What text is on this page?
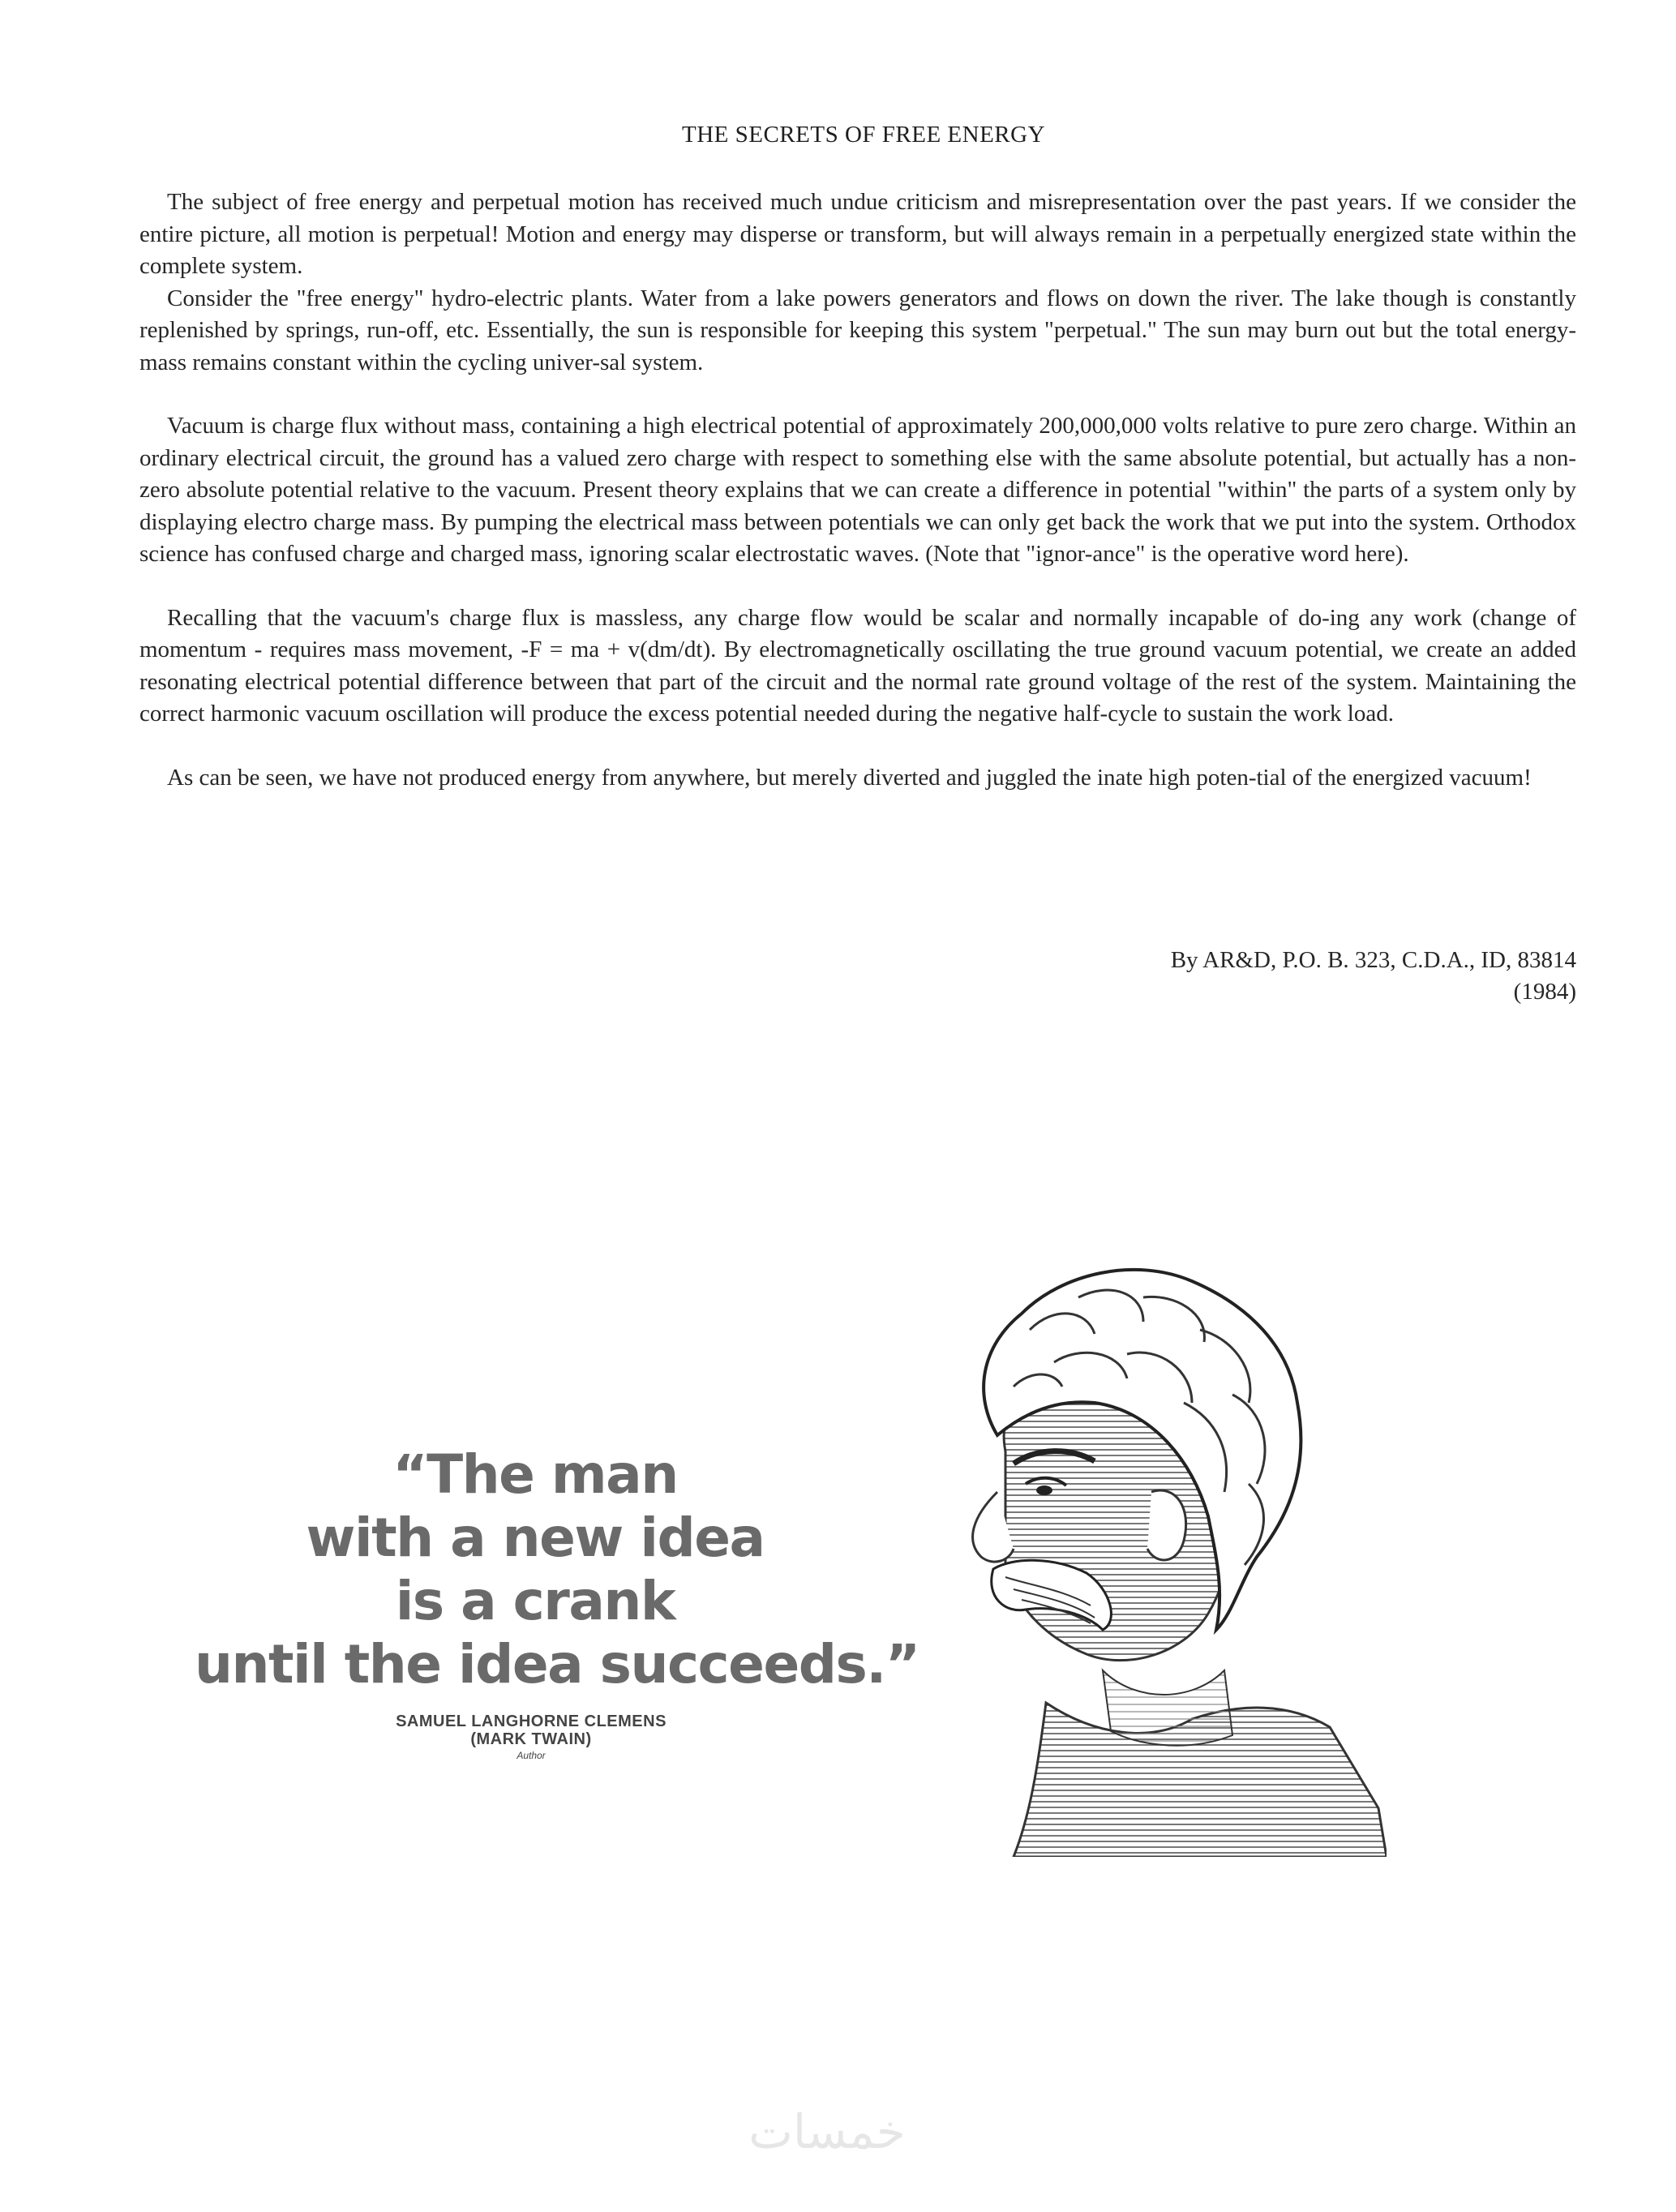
THE SECRETS OF FREE ENERGY

The subject of free energy and perpetual motion has received much undue criticism and misrepresentation over the past years. If we consider the entire picture, all motion is perpetual! Motion and energy may disperse or transform, but will always remain in a perpetually energized state within the complete system.

Consider the "free energy" hydro-electric plants. Water from a lake powers generators and flows on down the river. The lake though is constantly replenished by springs, run-off, etc. Essentially, the sun is responsible for keeping this system "perpetual." The sun may burn out but the total energy-mass remains constant within the cycling univer-sal system.

Vacuum is charge flux without mass, containing a high electrical potential of approximately 200,000,000 volts relative to pure zero charge. Within an ordinary electrical circuit, the ground has a valued zero charge with respect to something else with the same absolute potential, but actually has a non-zero absolute potential relative to the vacuum. Present theory explains that we can create a difference in potential "within" the parts of a system only by displaying electro charge mass. By pumping the electrical mass between potentials we can only get back the work that we put into the system. Orthodox science has confused charge and charged mass, ignoring scalar electrostatic waves. (Note that "ignor-ance" is the operative word here).

Recalling that the vacuum's charge flux is massless, any charge flow would be scalar and normally incapable of do-ing any work (change of momentum - requires mass movement, -F = ma + v(dm/dt). By electromagnetically oscillating the true ground vacuum potential, we create an added resonating electrical potential difference between that part of the circuit and the normal rate ground voltage of the rest of the system. Maintaining the correct harmonic vacuum oscillation will produce the excess potential needed during the negative half-cycle to sustain the work load.

As can be seen, we have not produced energy from anywhere, but merely diverted and juggled the inate high poten-tial of the energized vacuum!

By AR&D, P.O. B. 323, C.D.A., ID, 83814
(1984)
“The man
with a new idea
is a crank
until the idea succeeds.”
SAMUEL LANGHORNE CLEMENS
(MARK TWAIN)
Author
خمسات
